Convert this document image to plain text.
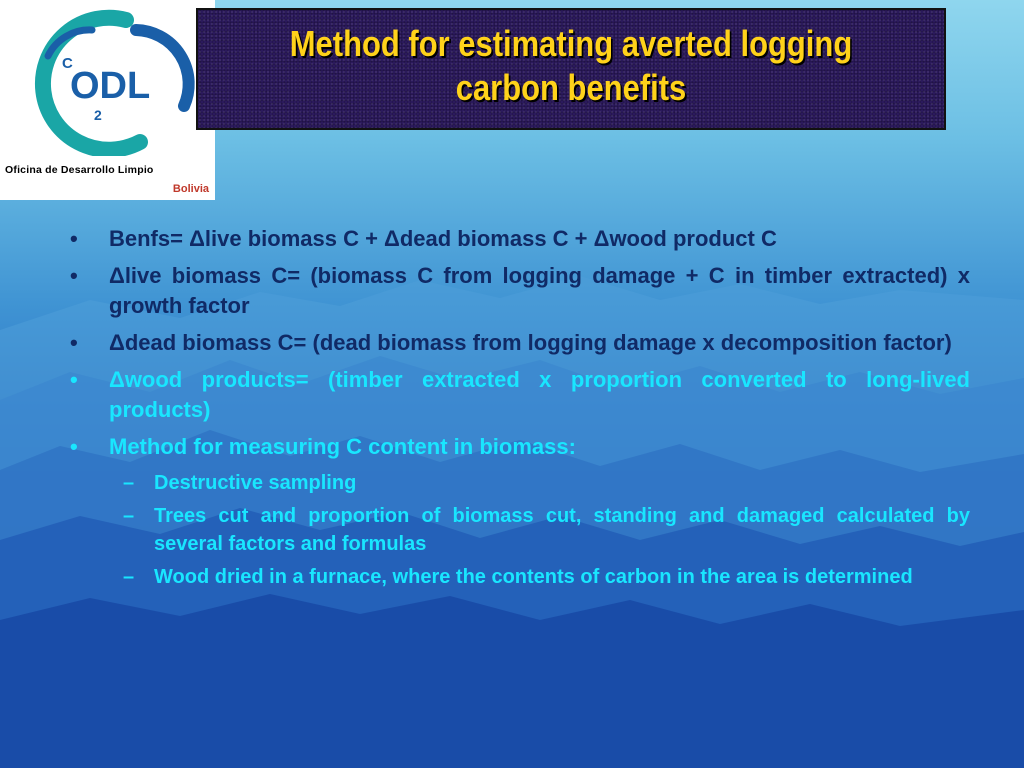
C
ODL
2
Oficina de Desarrollo Limpio
Bolivia
Method for estimating averted logging carbon benefits
• Benfs= Δlive biomass C + Δdead biomass C + Δwood product C
• Δlive biomass C= (biomass C from logging damage + C in timber extracted) x growth factor
• Δdead biomass C= (dead biomass from logging damage x decomposition factor)
• Δwood products= (timber extracted x proportion converted to long-lived products)
• Method for measuring C content in biomass:
– Destructive sampling
– Trees cut and proportion of biomass cut, standing and damaged calculated by several factors and formulas
– Wood dried in a furnace, where the contents of carbon in the area is determined
